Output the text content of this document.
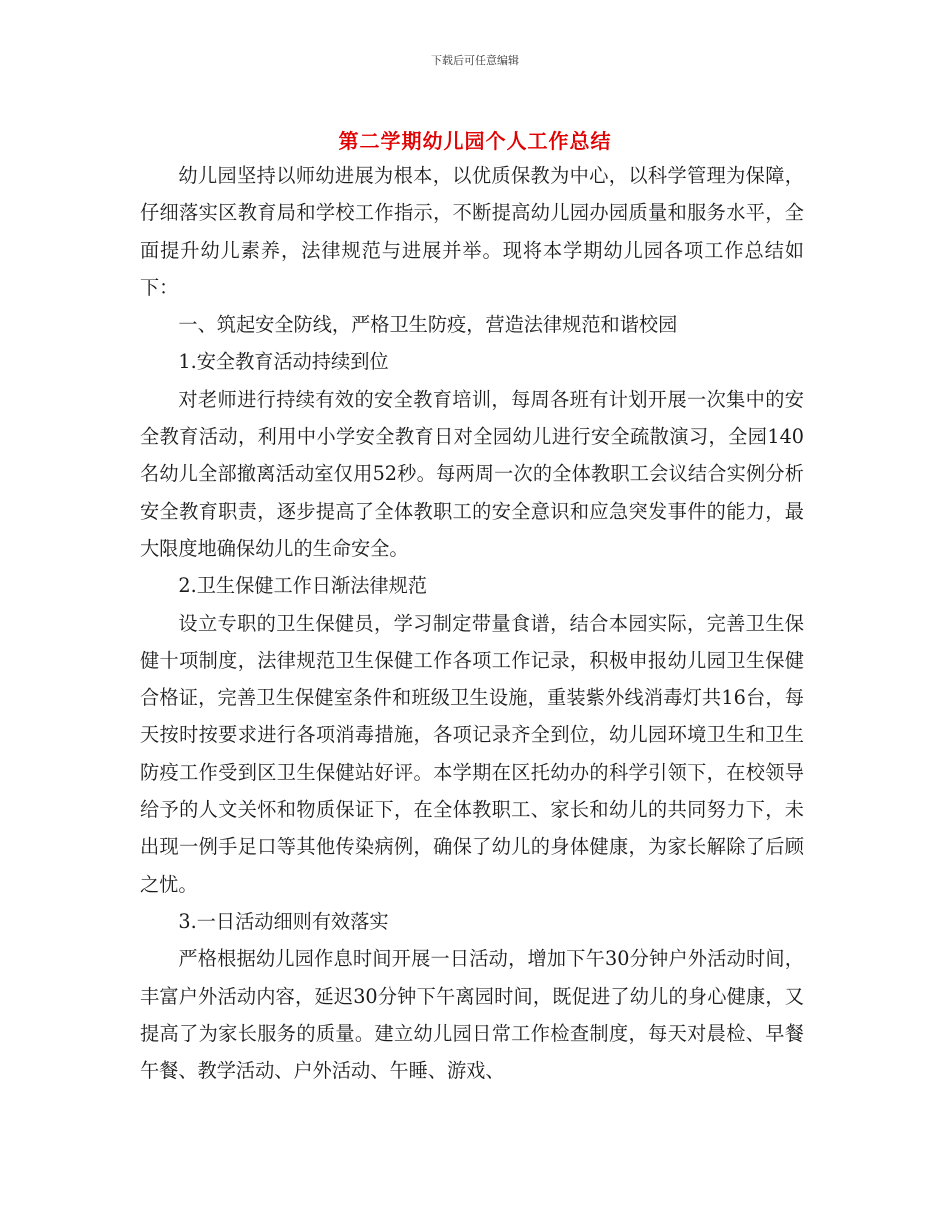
下载后可任意编辑
第二学期幼儿园个人工作总结

幼儿园坚持以师幼进展为根本，以优质保教为中心，以科学管理为保障，仔细落实区教育局和学校工作指示，不断提高幼儿园办园质量和服务水平，全面提升幼儿素养，法律规范与进展并举。现将本学期幼儿园各项工作总结如下：

一、筑起安全防线，严格卫生防疫，营造法律规范和谐校园

1.安全教育活动持续到位

对老师进行持续有效的安全教育培训，每周各班有计划开展一次集中的安全教育活动，利用中小学安全教育日对全园幼儿进行安全疏散演习，全园140名幼儿全部撤离活动室仅用52秒。每两周一次的全体教职工会议结合实例分析安全教育职责，逐步提高了全体教职工的安全意识和应急突发事件的能力，最大限度地确保幼儿的生命安全。

2.卫生保健工作日渐法律规范

设立专职的卫生保健员，学习制定带量食谱，结合本园实际，完善卫生保健十项制度，法律规范卫生保健工作各项工作记录，积极申报幼儿园卫生保健合格证，完善卫生保健室条件和班级卫生设施，重装紫外线消毒灯共16台，每天按时按要求进行各项消毒措施，各项记录齐全到位，幼儿园环境卫生和卫生防疫工作受到区卫生保健站好评。本学期在区托幼办的科学引领下，在校领导给予的人文关怀和物质保证下，在全体教职工、家长和幼儿的共同努力下，未出现一例手足口等其他传染病例，确保了幼儿的身体健康，为家长解除了后顾之忧。

3.一日活动细则有效落实

严格根据幼儿园作息时间开展一日活动，增加下午30分钟户外活动时间，丰富户外活动内容，延迟30分钟下午离园时间，既促进了幼儿的身心健康，又提高了为家长服务的质量。建立幼儿园日常工作检查制度，每天对晨检、早餐午餐、教学活动、户外活动、午睡、游戏、
